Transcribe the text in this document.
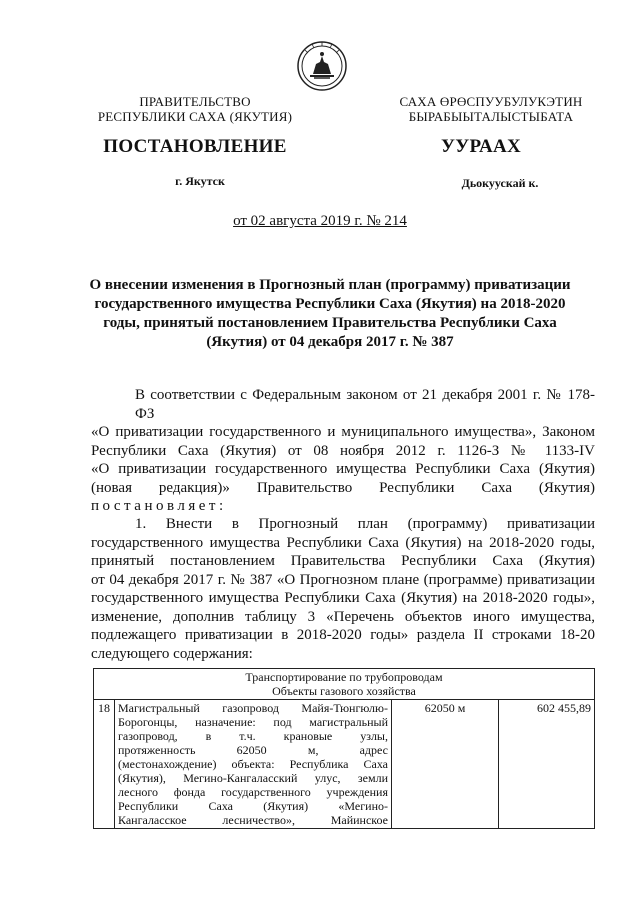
ПРАВИТЕЛЬСТВО
РЕСПУБЛИКИ САХА (ЯКУТИЯ)
САХА ӨРӨСПУУБУЛУКЭТИН
БЫРАБЫЫТАЛЫСТЫБАТА
ПОСТАНОВЛЕНИЕ	УУРААХ
г. Якутск	Дьокуускай к.
от 02 августа 2019 г. № 214
О внесении изменения в Прогнозный план (программу) приватизации
государственного имущества Республики Саха (Якутия) на 2018-2020
годы, принятый постановлением Правительства Республики Саха
(Якутия) от 04 декабря 2017 г. № 387
В соответствии с Федеральным законом от 21 декабря 2001 г. № 178-ФЗ
«О приватизации государственного и муниципального имущества», Законом
Республики Саха (Якутия) от 08 ноября 2012 г. 1126-З № 1133-IV
«О приватизации государственного имущества Республики Саха (Якутия)
(новая редакция)» Правительство Республики Саха (Якутия)
постановляет:
1. Внести в Прогнозный план (программу) приватизации
государственного имущества Республики Саха (Якутия) на 2018-2020 годы,
принятый постановлением Правительства Республики Саха (Якутия)
от 04 декабря 2017 г. № 387 «О Прогнозном плане (программе) приватизации
государственного имущества Республики Саха (Якутия) на 2018-2020 годы»,
изменение, дополнив таблицу 3 «Перечень объектов иного имущества,
подлежащего приватизации в 2018-2020 годы» раздела II строками 18-20
следующего содержания:
Транспортирование по трубопроводам
Объекты газового хозяйства

18	Магистральный газопровод Майя-Тюнгюлю-
Борогонцы, назначение: под магистральный
газопровод, в т.ч. крановые узлы,
протяженность 62050 м, адрес
(местонахождение) объекта: Республика Саха
(Якутия), Мегино-Кангаласский улус, земли
лесного фонда государственного учреждения
Республики Саха (Якутия) «Мегино-
Кангаласское лесничество», Майинское
	62050 м	602 455,89
